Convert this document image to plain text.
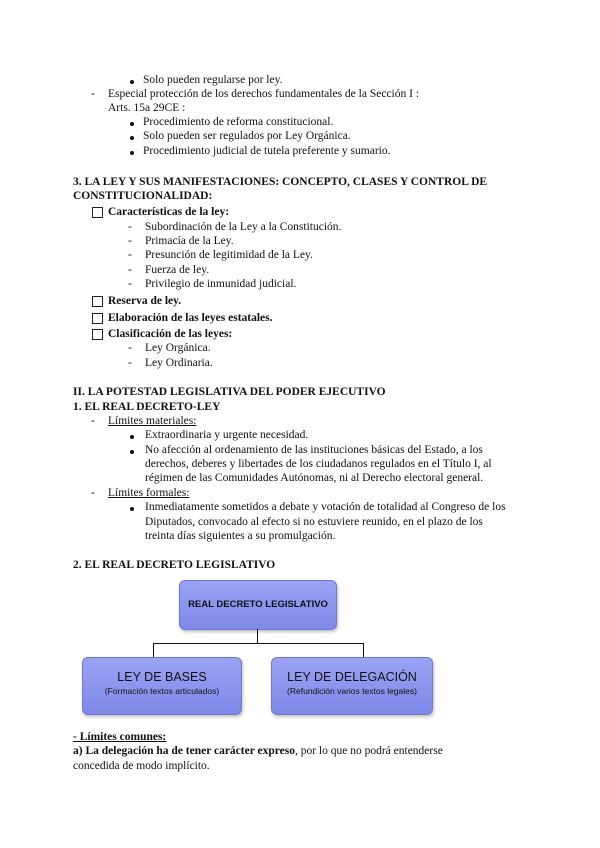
Solo pueden regularse por ley.
- Especial protección de los derechos fundamentales de la Sección I :
Arts. 15a 29CE :
Procedimiento de reforma constitucional.
Solo pueden ser regulados por Ley Orgánica.
Procedimiento judicial de tutela preferente y sumario.
3. LA LEY Y SUS MANIFESTACIONES: CONCEPTO, CLASES Y CONTROL DE
CONSTITUCIONALIDAD:
Características de la ley:
- Subordinación de la Ley a la Constitución.
- Primacía de la Ley.
- Presunción de legitimidad de la Ley.
- Fuerza de ley.
- Privilegio de inmunidad judicial.
Reserva de ley.
Elaboración de las leyes estatales.
Clasificación de las leyes:
- Ley Orgánica.
- Ley Ordinaria.
II. LA POTESTAD LEGISLATIVA DEL PODER EJECUTIVO
1. EL REAL DECRETO-LEY
- Límites materiales:
Extraordinaria y urgente necesidad.
No afección al ordenamiento de las instituciones básicas del Estado, a los
derechos, deberes y libertades de los ciudadanos regulados en el Título I, al
régimen de las Comunidades Autónomas, ni al Derecho electoral general.
- Límites formales:
Inmediatamente sometidos a debate y votación de totalidad al Congreso de los
Diputados, convocado al efecto si no estuviere reunido, en el plazo de los
treinta días siguientes a su promulgación.
2. EL REAL DECRETO LEGISLATIVO
REAL DECRETO LEGISLATIVO
LEY DE BASES
(Formación textos articulados)
LEY DE DELEGACIÓN
(Refundición varios textos legales)
- Límites comunes:
a) La delegación ha de tener carácter expreso, por lo que no podrá entenderse
concedida de modo implícito.
